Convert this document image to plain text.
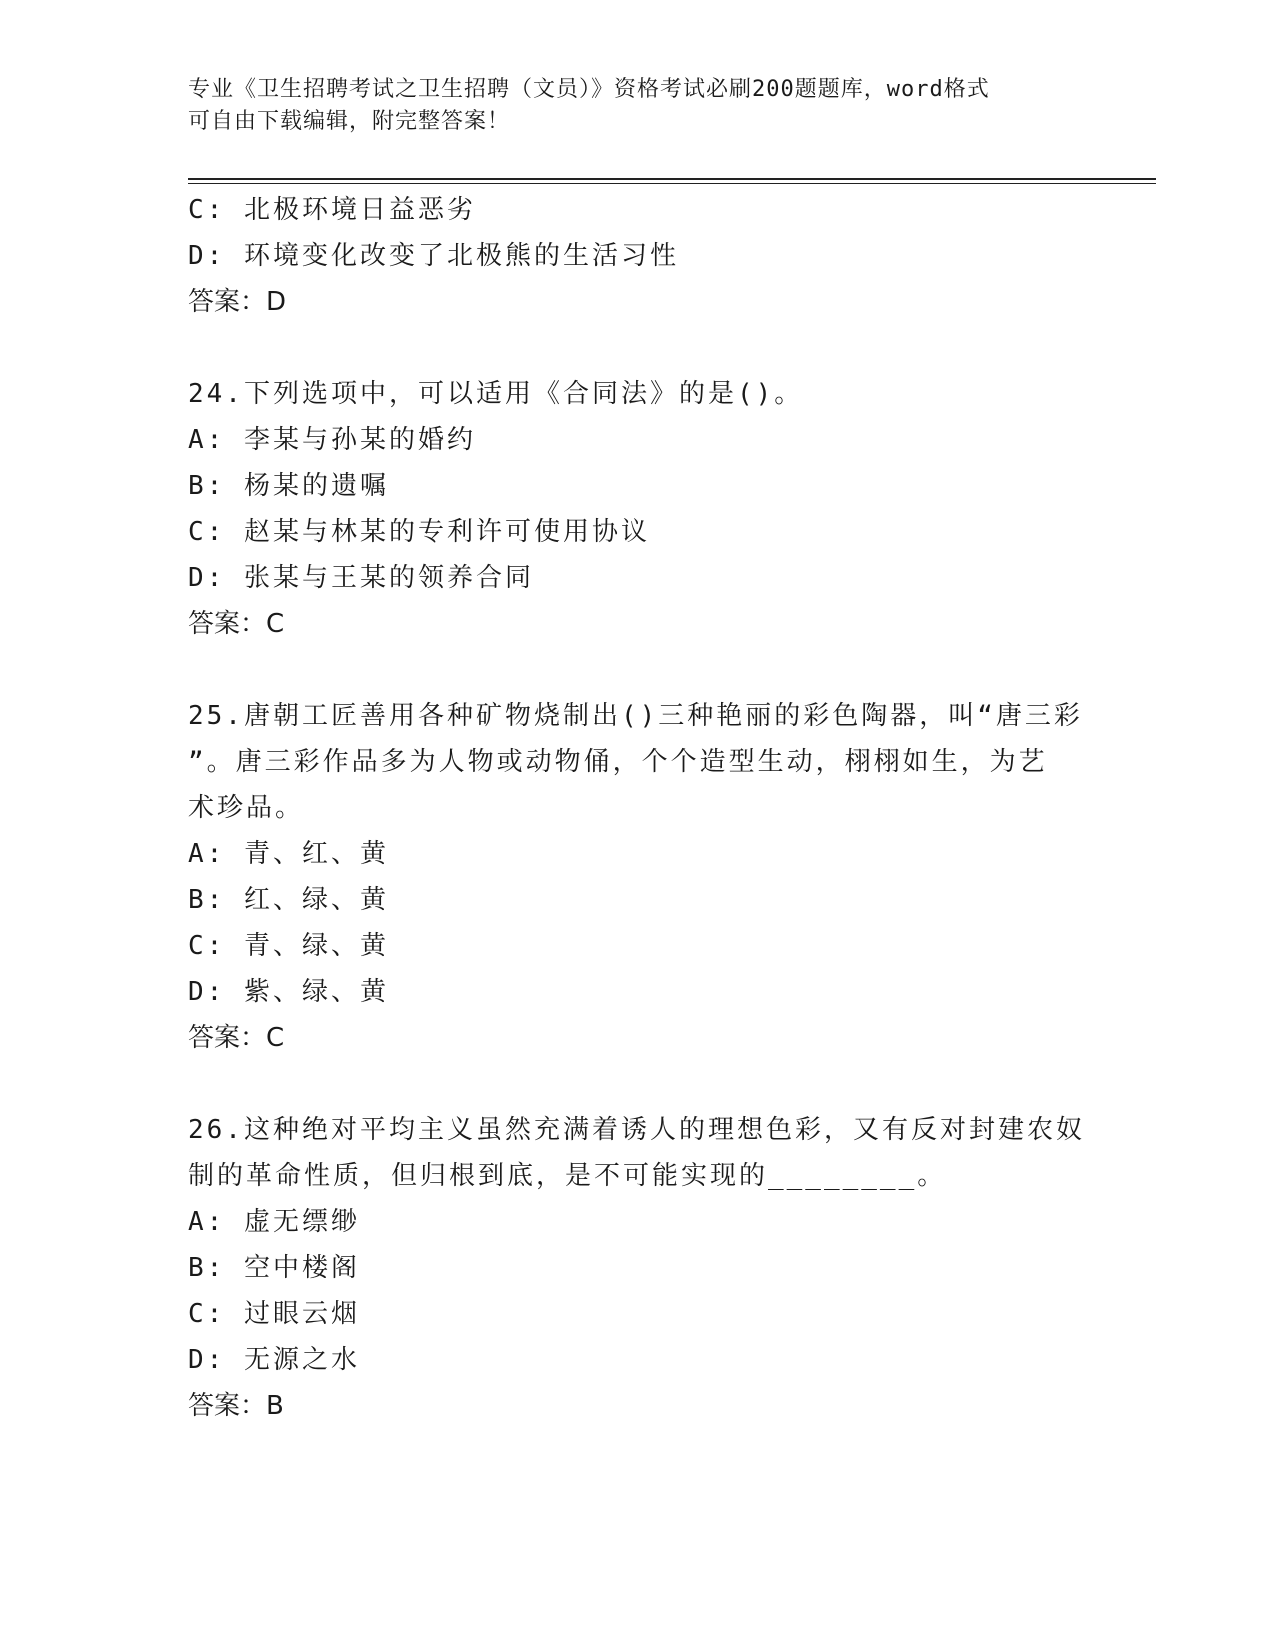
专业《卫生招聘考试之卫生招聘（文员）》资格考试必刷200题题库，word格式
可自由下载编辑，附完整答案！
C: 北极环境日益恶劣
D: 环境变化改变了北极熊的生活习性
答案：D
24.下列选项中，可以适用《合同法》的是()。
A: 李某与孙某的婚约
B: 杨某的遗嘱
C: 赵某与林某的专利许可使用协议
D: 张某与王某的领养合同
答案：C
25.唐朝工匠善用各种矿物烧制出()三种艳丽的彩色陶器，叫“唐三彩
”。唐三彩作品多为人物或动物俑，个个造型生动，栩栩如生，为艺
术珍品。
A: 青、红、黄
B: 红、绿、黄
C: 青、绿、黄
D: 紫、绿、黄
答案：C
26.这种绝对平均主义虽然充满着诱人的理想色彩，又有反对封建农奴
制的革命性质，但归根到底，是不可能实现的________。
A: 虚无缥缈
B: 空中楼阁
C: 过眼云烟
D: 无源之水
答案：B
